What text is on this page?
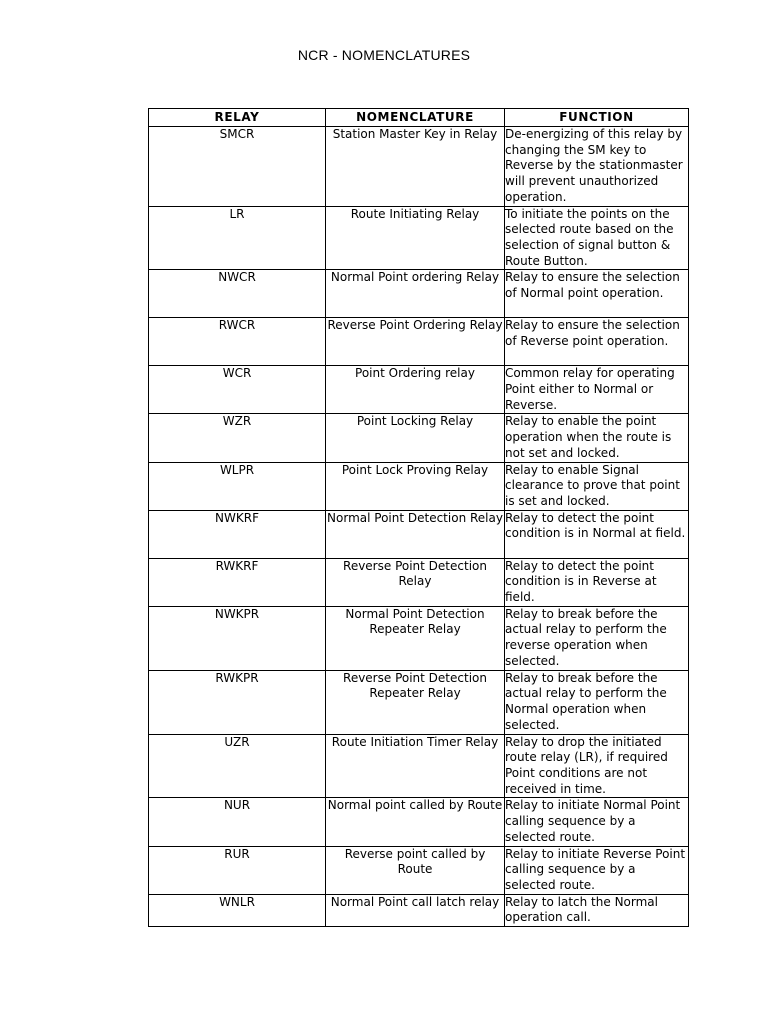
NCR - NOMENCLATURES
RELAY	NOMENCLATURE	FUNCTION
SMCR	Station Master Key in Relay	De-energizing of this relay by changing the SM key to Reverse by the stationmaster will prevent unauthorized operation.
LR	Route Initiating Relay	To initiate the points on the selected route based on the selection of signal button & Route Button.
NWCR	Normal Point ordering Relay	Relay to ensure the selection of Normal point operation.
RWCR	Reverse Point Ordering Relay	Relay to ensure the selection of Reverse point operation.
WCR	Point Ordering relay	Common relay for operating Point either to Normal or Reverse.
WZR	Point Locking Relay	Relay to enable the point operation when the route is not set and locked.
WLPR	Point Lock Proving Relay	Relay to enable Signal clearance to prove that point is set and locked.
NWKRF	Normal Point Detection Relay	Relay to detect the point condition is in Normal at field.
RWKRF	Reverse Point Detection Relay	Relay to detect the point condition is in Reverse at field.
NWKPR	Normal Point Detection Repeater Relay	Relay to break before the actual relay to perform the reverse operation when selected.
RWKPR	Reverse Point Detection Repeater Relay	Relay to break before the actual relay to perform the Normal operation when selected.
UZR	Route Initiation Timer Relay	Relay to drop the initiated route relay (LR), if required Point conditions are not received in time.
NUR	Normal point called by Route	Relay to initiate Normal Point calling sequence by a selected route.
RUR	Reverse point called by Route	Relay to initiate Reverse Point calling sequence by a selected route.
WNLR	Normal Point call latch relay	Relay to latch the Normal operation call.
